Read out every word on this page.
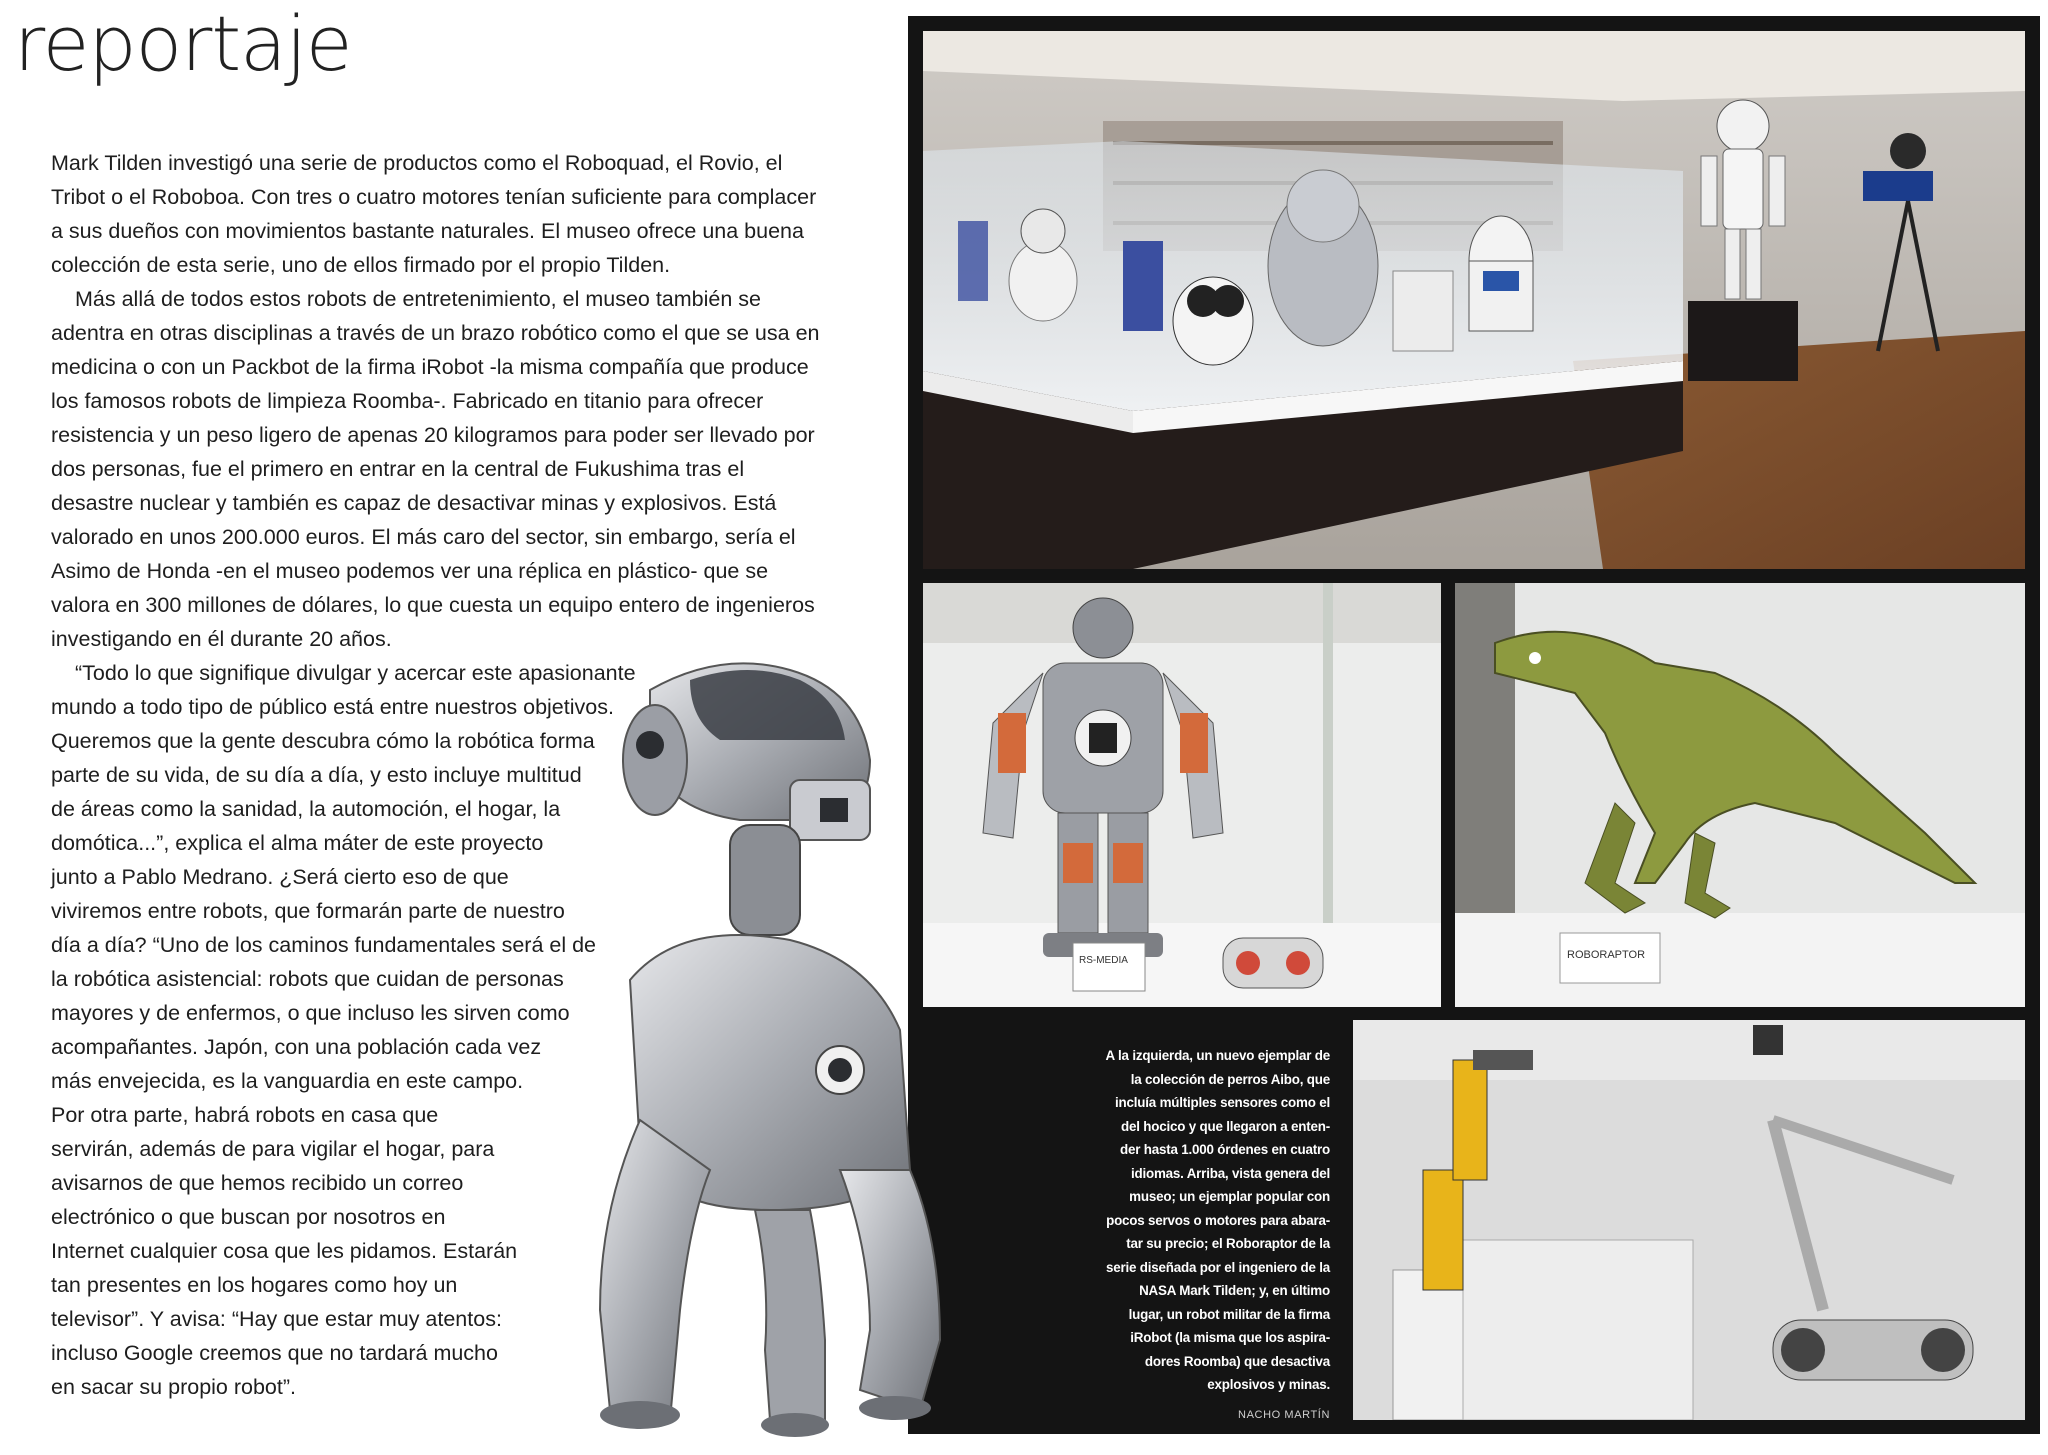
reportaje

Mark Tilden investigó una serie de productos como el Roboquad, el Rovio, el
Tribot o el Roboboa. Con tres o cuatro motores tenían suficiente para complacer
a sus dueños con movimientos bastante naturales. El museo ofrece una buena
colección de esta serie, uno de ellos firmado por el propio Tilden.

Más allá de todos estos robots de entretenimiento, el museo también se
adentra en otras disciplinas a través de un brazo robótico como el que se usa en
medicina o con un Packbot de la firma iRobot -la misma compañía que produce
los famosos robots de limpieza Roomba-. Fabricado en titanio para ofrecer
resistencia y un peso ligero de apenas 20 kilogramos para poder ser llevado por
dos personas, fue el primero en entrar en la central de Fukushima tras el
desastre nuclear y también es capaz de desactivar minas y explosivos. Está
valorado en unos 200.000 euros. El más caro del sector, sin embargo, sería el
Asimo de Honda -en el museo podemos ver una réplica en plástico- que se
valora en 300 millones de dólares, lo que cuesta un equipo entero de ingenieros
investigando en él durante 20 años.

“Todo lo que signifique divulgar y acercar este apasionante
mundo a todo tipo de público está entre nuestros objetivos.
Queremos que la gente descubra cómo la robótica forma
parte de su vida, de su día a día, y esto incluye multitud
de áreas como la sanidad, la automoción, el hogar, la
domótica...”, explica el alma máter de este proyecto
junto a Pablo Medrano. ¿Será cierto eso de que
viviremos entre robots, que formarán parte de nuestro
día a día? “Uno de los caminos fundamentales será el de
la robótica asistencial: robots que cuidan de personas
mayores y de enfermos, o que incluso les sirven como
acompañantes. Japón, con una población cada vez
más envejecida, es la vanguardia en este campo.
Por otra parte, habrá robots en casa que
servirán, además de para vigilar el hogar, para
avisarnos de que hemos recibido un correo
electrónico o que buscan por nosotros en
Internet cualquier cosa que les pidamos. Estarán
tan presentes en los hogares como hoy un
televisor”. Y avisa: “Hay que estar muy atentos:
incluso Google creemos que no tardará mucho
en sacar su propio robot”.

RS-MEDIA	ROBORAPTOR
A la izquierda, un nuevo ejemplar de
la colección de perros Aibo, que
incluía múltiples sensores como el
del hocico y que llegaron a enten-
der hasta 1.000 órdenes en cuatro
idiomas. Arriba, vista genera del
museo; un ejemplar popular con
pocos servos o motores para abara-
tar su precio; el Roboraptor de la
serie diseñada por el ingeniero de la
NASA Mark Tilden; y, en último
lugar, un robot militar de la firma
iRobot (la misma que los aspira-
dores Roomba) que desactiva
explosivos y minas.
NACHO MARTÍN
